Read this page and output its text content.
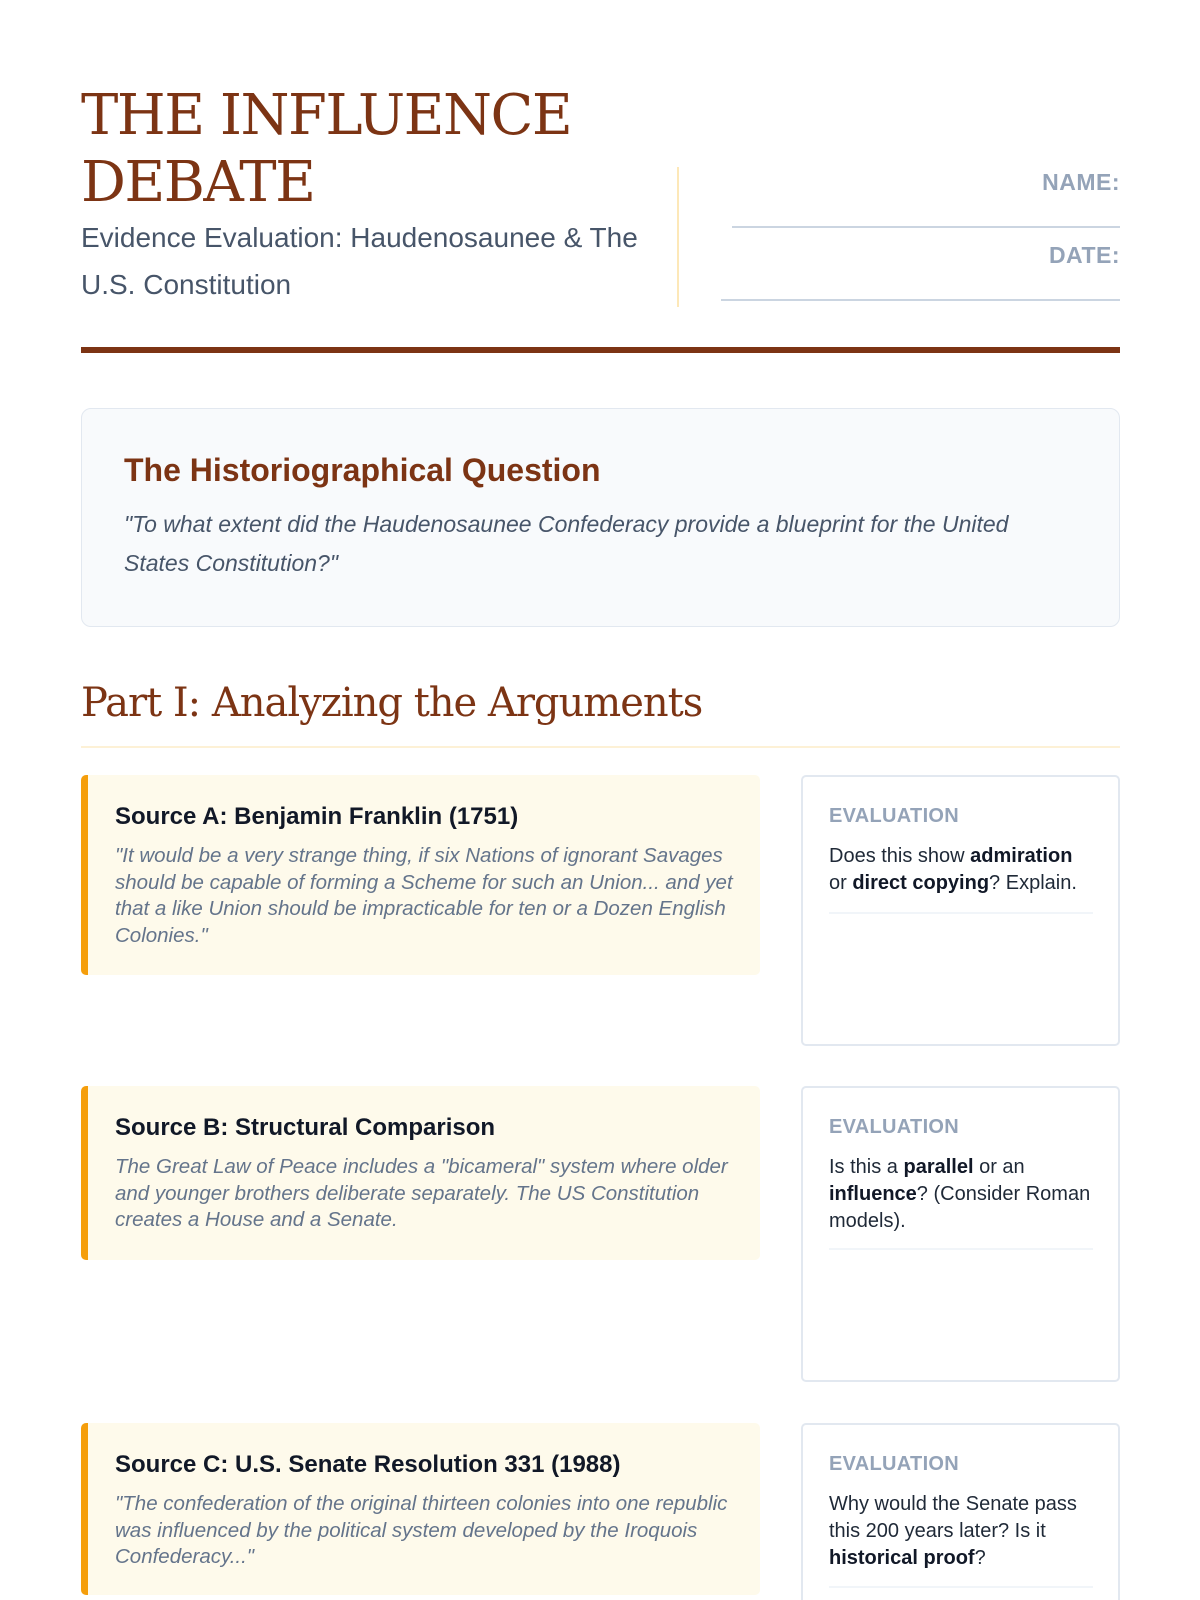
THE INFLUENCE DEBATE

Evidence Evaluation: Haudenosaunee & The U.S. Constitution

NAME:
DATE:
The Historiographical Question

"To what extent did the Haudenosaunee Confederacy provide a blueprint for the United States Constitution?"

Part I: Analyzing the Arguments
Source A: Benjamin Franklin (1751)

"It would be a very strange thing, if six Nations of ignorant Savages should be capable of forming a Scheme for such an Union... and yet that a like Union should be impracticable for ten or a Dozen English Colonies."

EVALUATION

Does this show admiration or direct copying? Explain.

Source B: Structural Comparison

The Great Law of Peace includes a "bicameral" system where older and younger brothers deliberate separately. The US Constitution creates a House and a Senate.

EVALUATION

Is this a parallel or an influence? (Consider Roman models).

Source C: U.S. Senate Resolution 331 (1988)

"The confederation of the original thirteen colonies into one republic was influenced by the political system developed by the Iroquois Confederacy..."

EVALUATION

Why would the Senate pass this 200 years later? Is it historical proof?
